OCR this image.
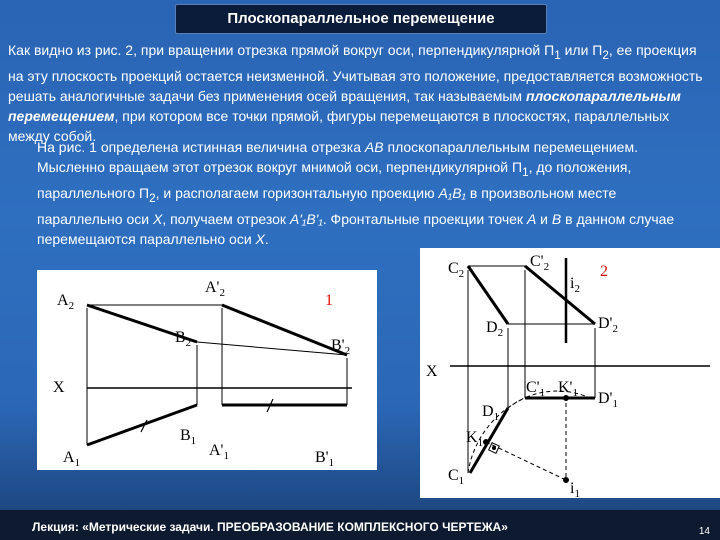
Плоскопараллельное перемещение

Как видно из рис. 2, при вращении отрезка прямой вокруг оси, перпендикулярной $П_1$ или $П_2$, ее проекция на эту плоскость проекций остается неизменной. Учитывая это положение, предоставляется возможность решать аналогичные задачи без применения осей вращения, так называемым плоскопараллельным перемещением, при котором все точки прямой, фигуры перемещаются в плоскостях, параллельных между собой.

На рис. 1 определена истинная величина отрезка АВ плоскопараллельным перемещением. Мысленно вращаем этот отрезок вокруг мнимой оси, перпендикулярной $П_1$, до положения, параллельного $П_2$, и располагаем горизонтальную проекцию A₁B₁ в произвольном месте параллельно оси X, получаем отрезок A'₁B'₁. Фронтальные проекции точек А и В в данном случае перемещаются параллельно оси X.

1
$A_2$
$A'_2$
$B_2$	$B'_2$
X
$B_1$
$A_1$
$A'_1$	$B'_1$
2
$C_2$
$C'_2$
$i_2$
$D_2$
$D'_2$
X
$C'_1$ $K'_1$ $D'_1$
$D_1$
$K_1$
$C_1$	$i_1$
Лекция: «Метрические задачи. ПРЕОБРАЗОВАНИЕ КОМПЛЕКСНОГО ЧЕРТЕЖА»	14
